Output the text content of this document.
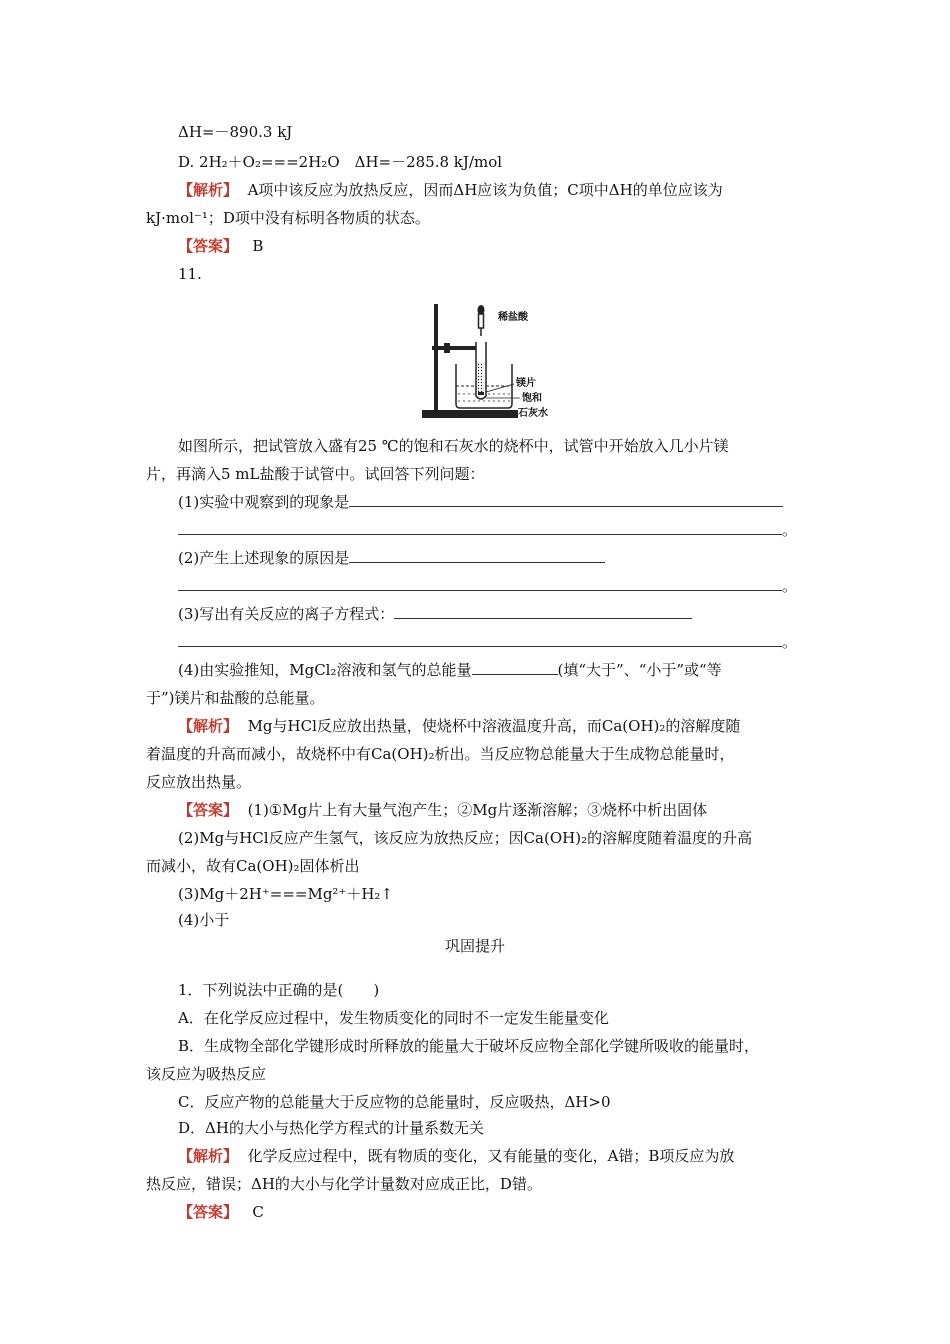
ΔH=－890.3 kJ
D. 2H₂＋O₂===2H₂O　ΔH=－285.8 kJ/mol
【解析】 A项中该反应为放热反应，因而ΔH应该为负值；C项中ΔH的单位应该为
kJ·mol⁻¹；D项中没有标明各物质的状态。
【答案】 B
11.
稀盐酸
镁片
饱和
石灰水
如图所示，把试管放入盛有25 ℃的饱和石灰水的烧杯中，试管中开始放入几小片镁
片，再滴入5 mL盐酸于试管中。试回答下列问题：
(1)实验中观察到的现象是
。
(2)产生上述现象的原因是
。
(3)写出有关反应的离子方程式：
。
(4)由实验推知，MgCl₂溶液和氢气的总能量	(填“大于”、“小于”或“等
于”)镁片和盐酸的总能量。
【解析】 Mg与HCl反应放出热量，使烧杯中溶液温度升高，而Ca(OH)₂的溶解度随
着温度的升高而减小，故烧杯中有Ca(OH)₂析出。当反应物总能量大于生成物总能量时，
反应放出热量。
【答案】 (1)①Mg片上有大量气泡产生；②Mg片逐渐溶解；③烧杯中析出固体
(2)Mg与HCl反应产生氢气，该反应为放热反应；因Ca(OH)₂的溶解度随着温度的升高
而减小，故有Ca(OH)₂固体析出
(3)Mg＋2H⁺===Mg²⁺＋H₂↑
(4)小于
巩固提升
1．下列说法中正确的是(　　)
A．在化学反应过程中，发生物质变化的同时不一定发生能量变化
B．生成物全部化学键形成时所释放的能量大于破坏反应物全部化学键所吸收的能量时，
该反应为吸热反应
C．反应产物的总能量大于反应物的总能量时，反应吸热，ΔH>0
D．ΔH的大小与热化学方程式的计量系数无关
【解析】 化学反应过程中，既有物质的变化，又有能量的变化，A错；B项反应为放
热反应，错误；ΔH的大小与化学计量数对应成正比，D错。
【答案】 C
